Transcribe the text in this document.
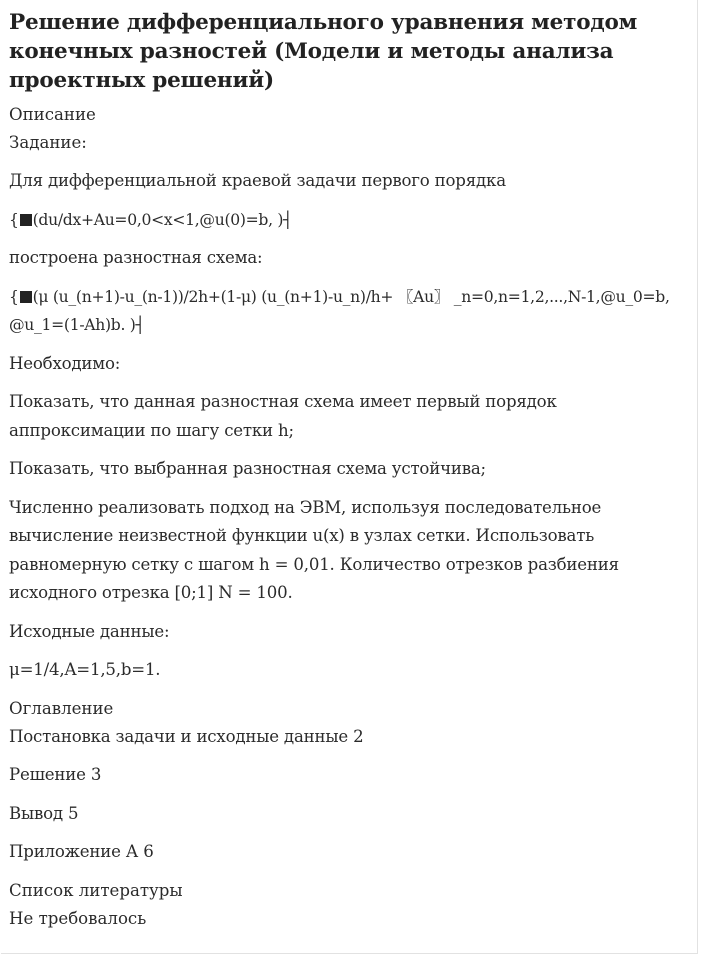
Решение дифференциального уравнения методом конечных разностей (Модели и методы анализа проектных решений)
Описание
Задание:
Для дифференциальной краевой задачи первого порядка
{ (du/dx+Au=0,0<x<1,@u(0)=b, )┤
построена разностная схема:
{ (μ (u_(n+1)-u_(n-1))/2h+(1-μ) (u_(n+1)-u_n)/h+ 〖Au〗 _n=0,n=1,2,...,N-1,@u_0=b, @u_1=(1-Ah)b. )┤
Необходимо:
Показать, что данная разностная схема имеет первый порядок аппроксимации по шагу сетки h;
Показать, что выбранная разностная схема устойчива;
Численно реализовать подход на ЭВМ, используя последовательное вычисление неизвестной функции u(x) в узлах сетки. Использовать равномерную сетку с шагом h = 0,01. Количество отрезков разбиения исходного отрезка [0;1] N = 100.
Исходные данные:
μ=1/4,A=1,5,b=1.
Оглавление
Постановка задачи и исходные данные 2
Решение 3
Вывод 5
Приложение А 6
Список литературы
Не требовалось
